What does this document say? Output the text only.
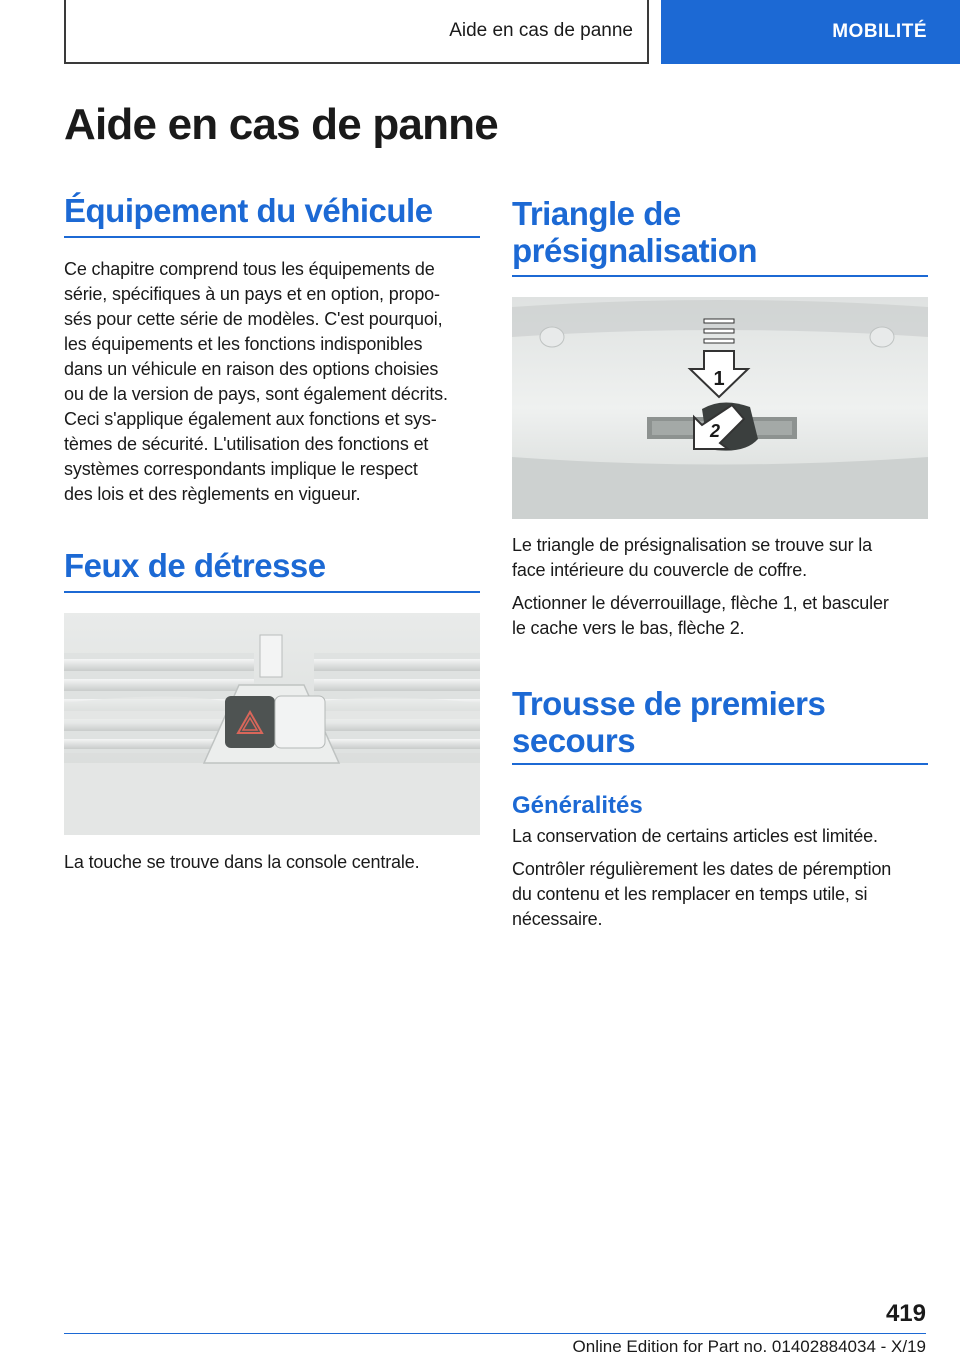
Aide en cas de panne	MOBILITÉ
Aide en cas de panne
Équipement du véhicule

Ce chapitre comprend tous les équipements de

série, spécifiques à un pays et en option, propo‐

sés pour cette série de modèles. C'est pourquoi,

les équipements et les fonctions indisponibles

dans un véhicule en raison des options choisies

ou de la version de pays, sont également décrits.

Ceci s'applique également aux fonctions et sys‐

tèmes de sécurité. L'utilisation des fonctions et

systèmes correspondants implique le respect

des lois et des règlements en vigueur.

Feux de détresse

La touche se trouve dans la console centrale.

Triangle de
présignalisation
1
2

Le triangle de présignalisation se trouve sur la

face intérieure du couvercle de coffre.

Actionner le déverrouillage, flèche 1, et basculer

le cache vers le bas, flèche 2.

Trousse de premiers
secours
Généralités

La conservation de certains articles est limitée.

Contrôler régulièrement les dates de péremption

du contenu et les remplacer en temps utile, si

nécessaire.

419
Online Edition for Part no. 01402884034 - X/19
